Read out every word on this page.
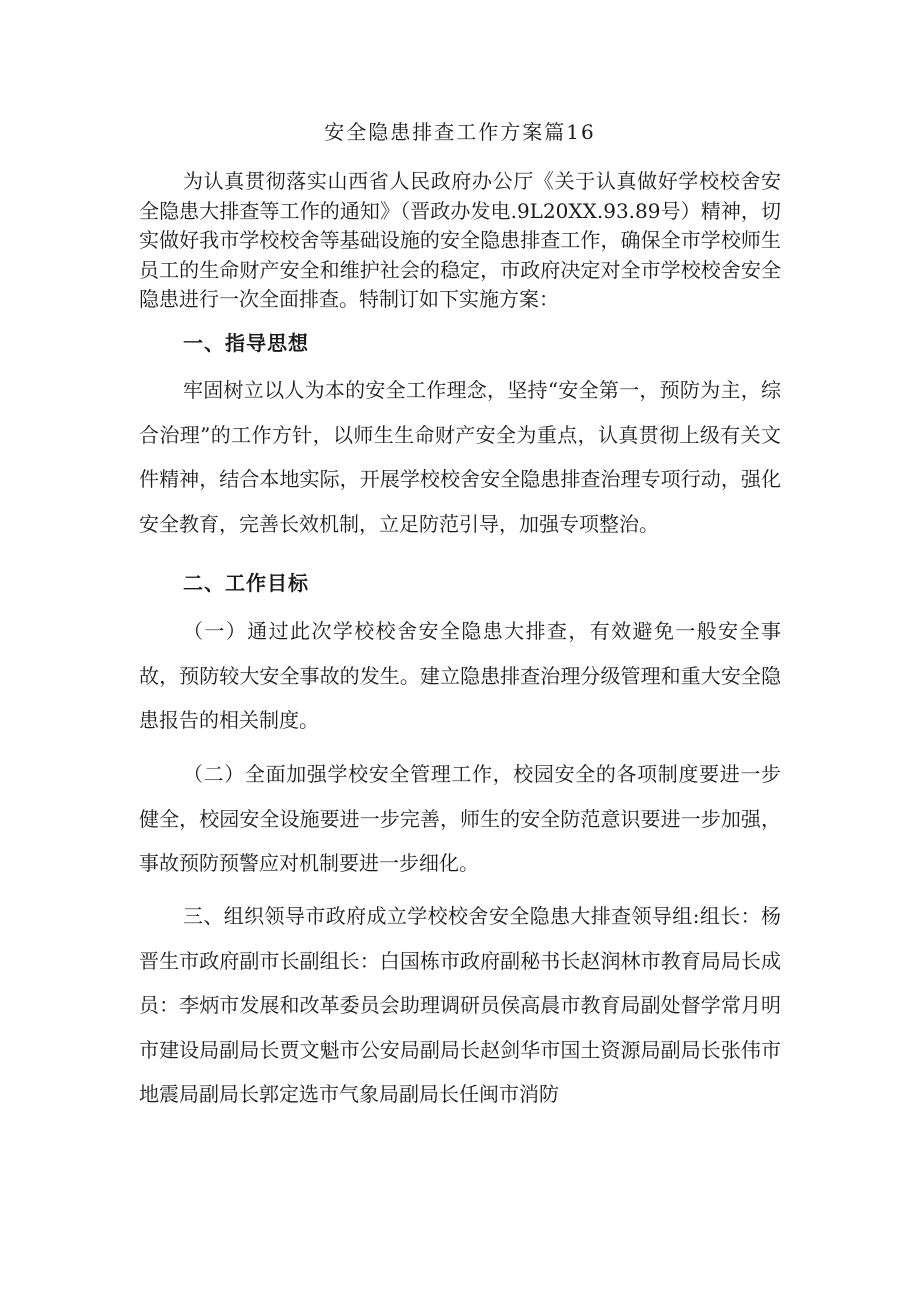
安全隐患排查工作方案篇16

为认真贯彻落实山西省人民政府办公厅《关于认真做好学校校舍安全隐患大排查等工作的通知》（晋政办发电.9L20XX.93.89号）精神，切实做好我市学校校舍等基础设施的安全隐患排查工作，确保全市学校师生员工的生命财产安全和维护社会的稳定，市政府决定对全市学校校舍安全隐患进行一次全面排查。特制订如下实施方案：

一、指导思想

牢固树立以人为本的安全工作理念，坚持“安全第一，预防为主，综合治理”的工作方针，以师生生命财产安全为重点，认真贯彻上级有关文件精神，结合本地实际，开展学校校舍安全隐患排查治理专项行动，强化安全教育，完善长效机制，立足防范引导，加强专项整治。

二、工作目标

（一）通过此次学校校舍安全隐患大排查，有效避免一般安全事故，预防较大安全事故的发生。建立隐患排查治理分级管理和重大安全隐患报告的相关制度。

（二）全面加强学校安全管理工作，校园安全的各项制度要进一步健全，校园安全设施要进一步完善，师生的安全防范意识要进一步加强，事故预防预警应对机制要进一步细化。

三、组织领导市政府成立学校校舍安全隐患大排查领导组:组长：杨晋生市政府副市长副组长：白国栋市政府副秘书长赵润林市教育局局长成员：李炳市发展和改革委员会助理调研员侯高晨市教育局副处督学常月明市建设局副局长贾文魁市公安局副局长赵剑华市国土资源局副局长张伟市地震局副局长郭定选市气象局副局长任闽市消防
